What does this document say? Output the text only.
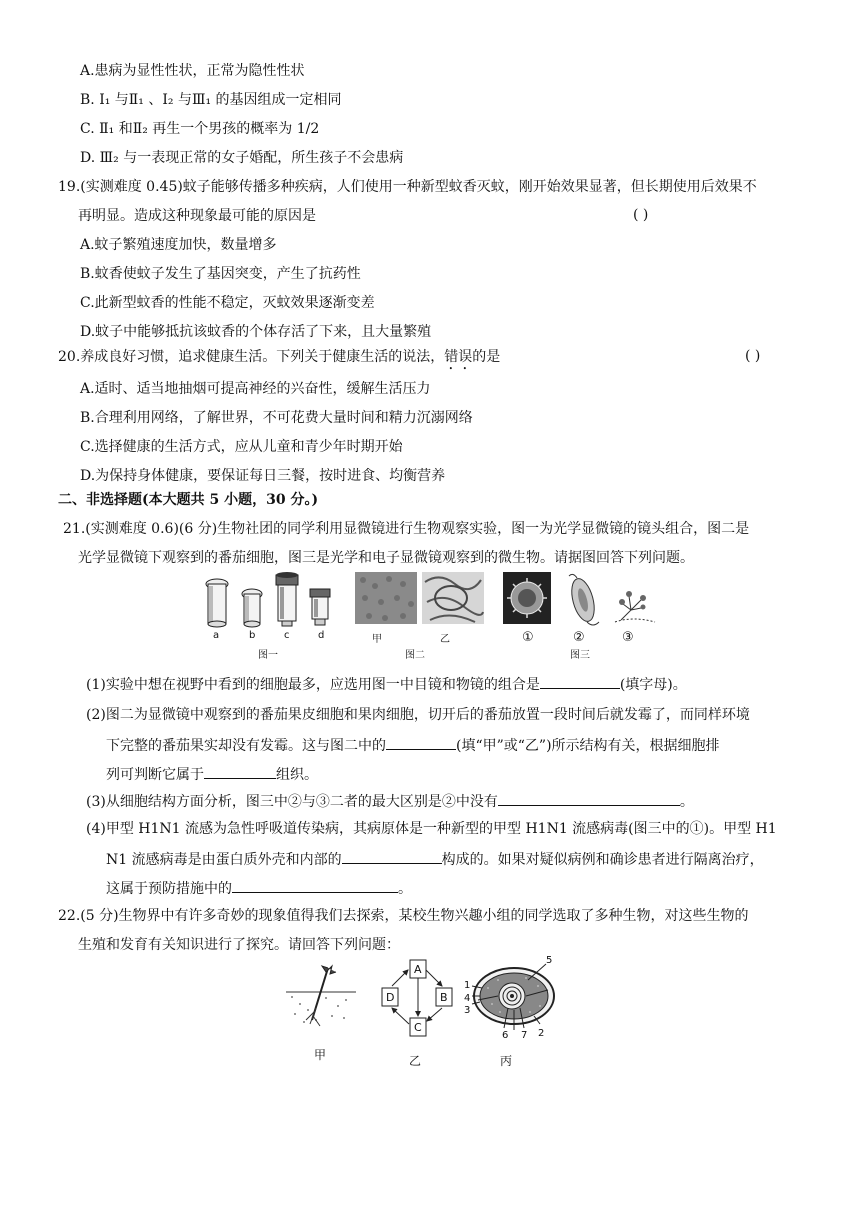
A.患病为显性性状，正常为隐性性状
B. Ⅰ₁ 与Ⅱ₁ 、Ⅰ₂ 与Ⅲ₁ 的基因组成一定相同
C. Ⅱ₁ 和Ⅱ₂ 再生一个男孩的概率为 1/2
D. Ⅲ₂ 与一表现正常的女子婚配，所生孩子不会患病
19.(实测难度 0.45)蚊子能够传播多种疾病，人们使用一种新型蚊香灭蚊，刚开始效果显著，但长期使用后效果不
再明显。造成这种现象最可能的原因是	( )
A.蚊子繁殖速度加快，数量增多
B.蚊香使蚊子发生了基因突变，产生了抗药性
C.此新型蚊香的性能不稳定，灭蚊效果逐渐变差
D.蚊子中能够抵抗该蚊香的个体存活了下来，且大量繁殖
20.养成良好习惯，追求健康生活。下列关于健康生活的说法，错误的是	( )
A.适时、适当地抽烟可提高神经的兴奋性，缓解生活压力
B.合理利用网络，了解世界，不可花费大量时间和精力沉溺网络
C.选择健康的生活方式，应从儿童和青少年时期开始
D.为保持身体健康，要保证每日三餐，按时进食、均衡营养
二、非选择题(本大题共 5 小题，30 分。)
21.(实测难度 0.6)(6 分)生物社团的同学利用显微镜进行生物观察实验，图一为光学显微镜的镜头组合，图二是
光学显微镜下观察到的番茄细胞，图三是光学和电子显微镜观察到的微生物。请据图回答下列问题。
a	b	c	d
图一
甲	乙
图二
①	②	③
图三
(1)实验中想在视野中看到的细胞最多，应选用图一中目镜和物镜的组合是	(填字母)。
(2)图二为显微镜中观察到的番茄果皮细胞和果肉细胞，切开后的番茄放置一段时间后就发霉了，而同样环境
下完整的番茄果实却没有发霉。这与图二中的	(填“甲”或“乙”)所示结构有关，根据细胞排
列可判断它属于	组织。
(3)从细胞结构方面分析，图三中②与③二者的最大区别是②中没有	。
(4)甲型 H1N1 流感为急性呼吸道传染病，其病原体是一种新型的甲型 H1N1 流感病毒(图三中的①)。甲型 H1
N1 流感病毒是由蛋白质外壳和内部的	构成的。如果对疑似病例和确诊患者进行隔离治疗，
这属于预防措施中的	。
22.(5 分)生物界中有许多奇妙的现象值得我们去探索，某校生物兴趣小组的同学选取了多种生物，对这些生物的
生殖和发育有关知识进行了探究。请回答下列问题：
甲
A
B
C
D
乙
1
2
3
4
5
6 7
丙
